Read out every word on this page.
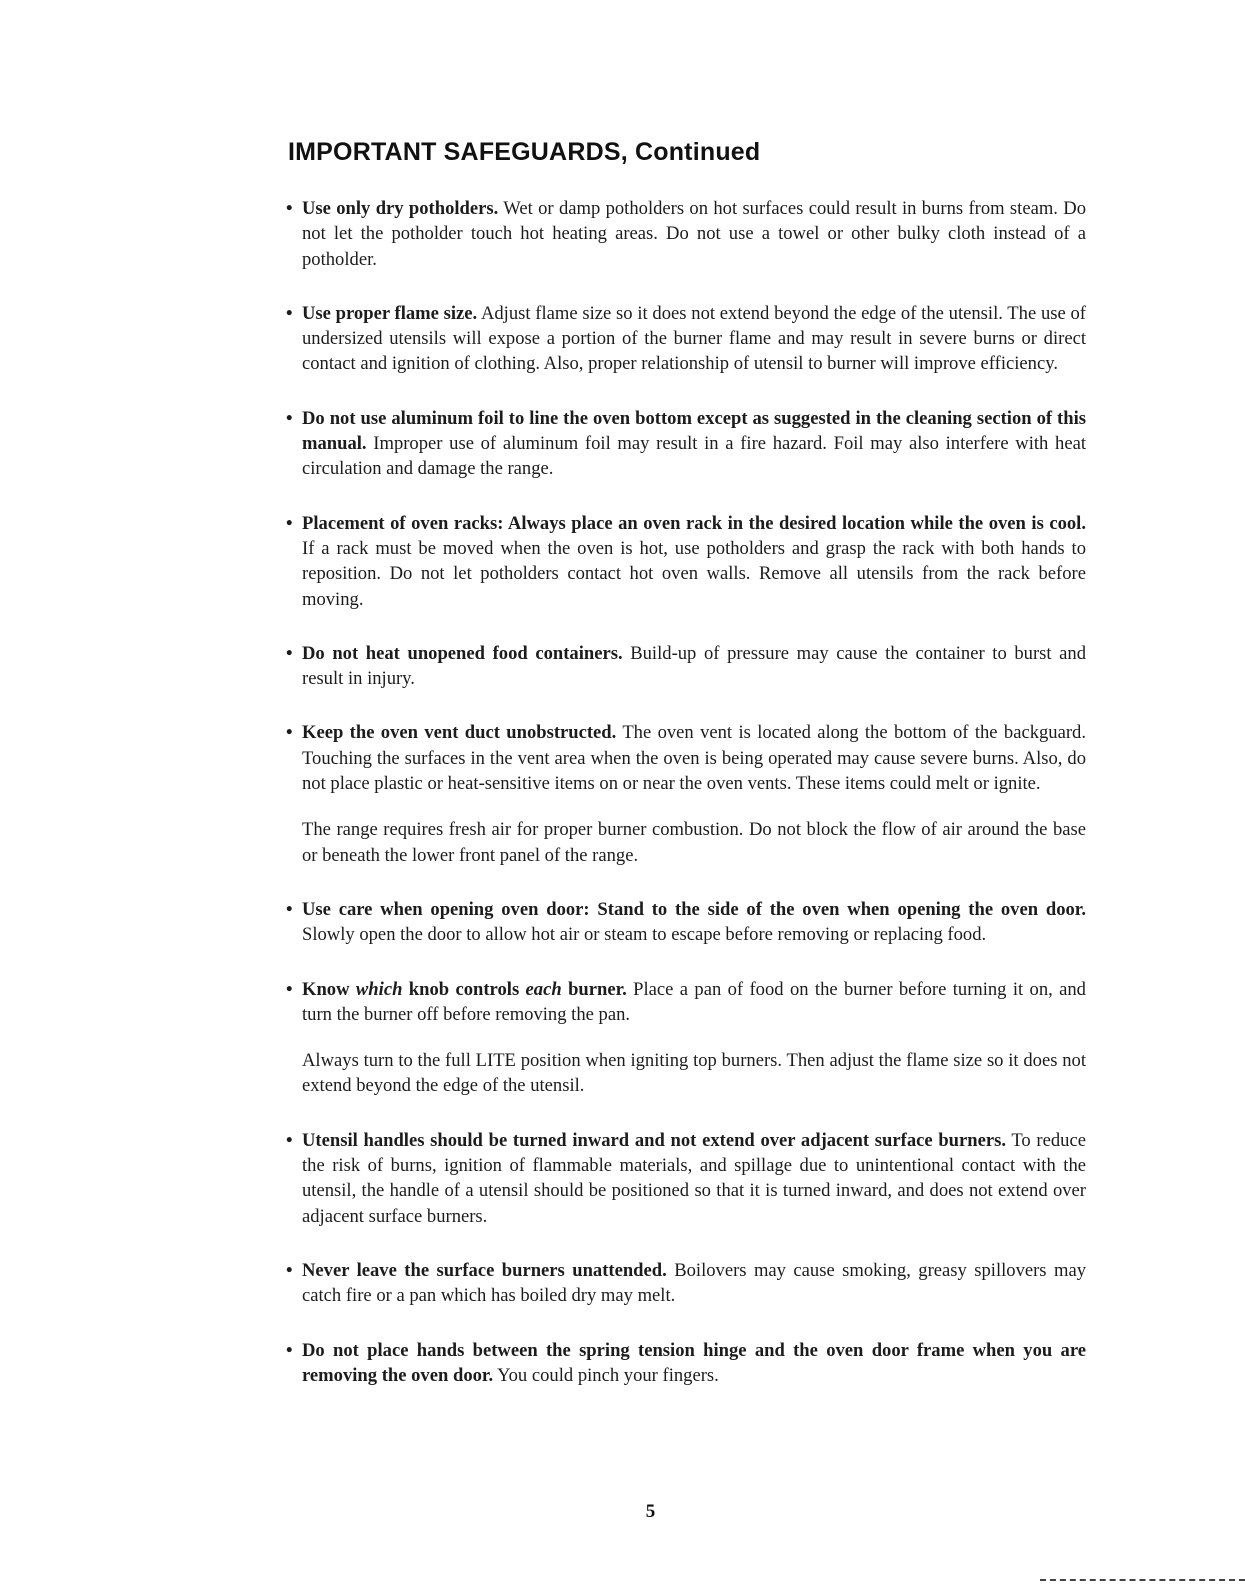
IMPORTANT SAFEGUARDS, Continued

• Use only dry potholders. Wet or damp potholders on hot surfaces could result in burns from steam. Do not let the potholder touch hot heating areas. Do not use a towel or other bulky cloth instead of a potholder.

• Use proper flame size. Adjust flame size so it does not extend beyond the edge of the utensil. The use of undersized utensils will expose a portion of the burner flame and may result in severe burns or direct contact and ignition of clothing. Also, proper relationship of utensil to burner will improve efficiency.

• Do not use aluminum foil to line the oven bottom except as suggested in the cleaning section of this manual. Improper use of aluminum foil may result in a fire hazard. Foil may also interfere with heat circulation and damage the range.

• Placement of oven racks: Always place an oven rack in the desired location while the oven is cool. If a rack must be moved when the oven is hot, use potholders and grasp the rack with both hands to reposition. Do not let potholders contact hot oven walls. Remove all utensils from the rack before moving.

• Do not heat unopened food containers. Build-up of pressure may cause the container to burst and result in injury.

• Keep the oven vent duct unobstructed. The oven vent is located along the bottom of the backguard. Touching the surfaces in the vent area when the oven is being operated may cause severe burns. Also, do not place plastic or heat-sensitive items on or near the oven vents. These items could melt or ignite.

The range requires fresh air for proper burner combustion. Do not block the flow of air around the base or beneath the lower front panel of the range.

• Use care when opening oven door: Stand to the side of the oven when opening the oven door. Slowly open the door to allow hot air or steam to escape before removing or replacing food.

• Know which knob controls each burner. Place a pan of food on the burner before turning it on, and turn the burner off before removing the pan.

Always turn to the full LITE position when igniting top burners. Then adjust the flame size so it does not extend beyond the edge of the utensil.

• Utensil handles should be turned inward and not extend over adjacent surface burners. To reduce the risk of burns, ignition of flammable materials, and spillage due to unintentional contact with the utensil, the handle of a utensil should be positioned so that it is turned inward, and does not extend over adjacent surface burners.

• Never leave the surface burners unattended. Boilovers may cause smoking, greasy spillovers may catch fire or a pan which has boiled dry may melt.

• Do not place hands between the spring tension hinge and the oven door frame when you are removing the oven door. You could pinch your fingers.

5
